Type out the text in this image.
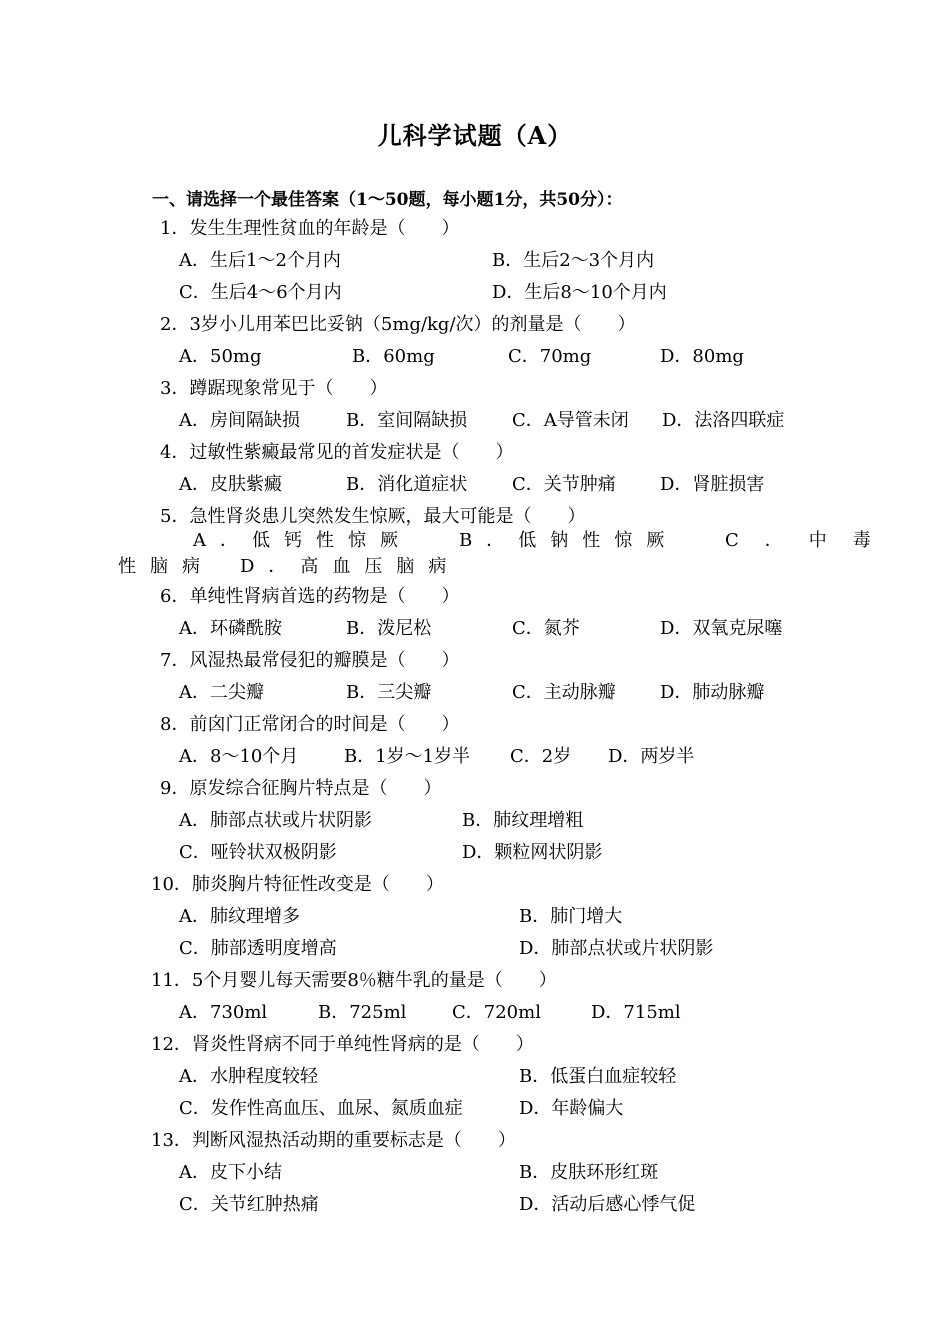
儿科学试题（A）
一、请选择一个最佳答案（1～50题，每小题1分，共50分）：
1．发生生理性贫血的年龄是（　　）
A．生后1～2个月内	B．生后2～3个月内
C．生后4～6个月内	D．生后8～10个月内
2．3岁小儿用苯巴比妥钠（5mg/kg/次）的剂量是（　　）
A．50mg	B．60mg	C．70mg	D．80mg
3．蹲踞现象常见于（　　）
A．房间隔缺损	B．室间隔缺损 C．A导管未闭 D．法洛四联症
4．过敏性紫癜最常见的首发症状是（　　）
A．皮肤紫癜	B．消化道症状 C．关节肿痛 D．肾脏损害
5．急性肾炎患儿突然发生惊厥，最大可能是（　　）
A．低钙性惊厥	B．低钠性惊厥	C．中毒
性脑病 D．高血压脑病
6．单纯性肾病首选的药物是（　　）
A．环磷酰胺	B．泼尼松	C．氮芥	D．双氧克尿噻
7．风湿热最常侵犯的瓣膜是（　　）
A．二尖瓣	B．三尖瓣	C．主动脉瓣 D．肺动脉瓣
8．前囟门正常闭合的时间是（　　）
A．8～10个月	B．1岁～1岁半 C．2岁 D．两岁半
9．原发综合征胸片特点是（　　）
A．肺部点状或片状阴影	B．肺纹理增粗
C．哑铃状双极阴影	D．颗粒网状阴影
10．肺炎胸片特征性改变是（　　）
A．肺纹理增多	B．肺门增大
C．肺部透明度增高	D．肺部点状或片状阴影
11．5个月婴儿每天需要8％糖牛乳的量是（　　）
A．730ml	B．725ml	C．720ml	D．715ml
12．肾炎性肾病不同于单纯性肾病的是（　　）
A．水肿程度较轻	B．低蛋白血症较轻
C．发作性高血压、血尿、氮质血症	D．年龄偏大
13．判断风湿热活动期的重要标志是（　　）
A．皮下小结	B．皮肤环形红斑
C．关节红肿热痛	D．活动后感心悸气促
